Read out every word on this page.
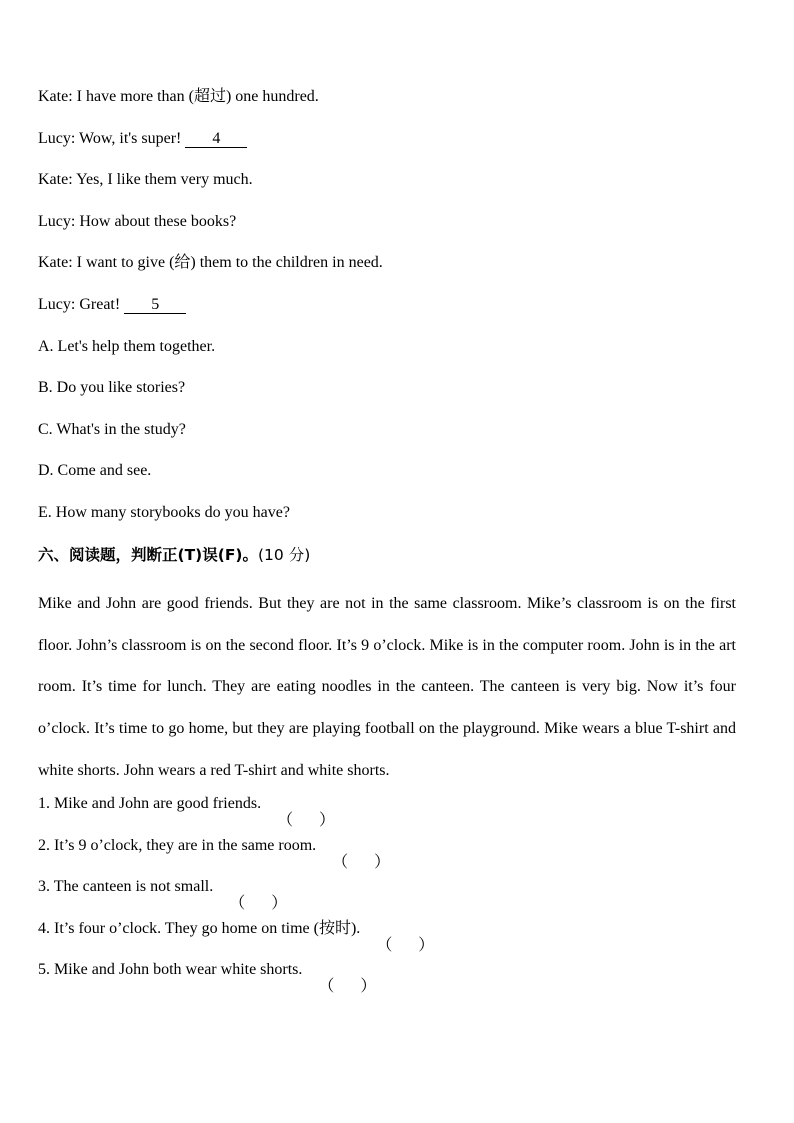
Kate: I have more than (超过) one hundred.
Lucy: Wow, it's super! 4
Kate: Yes, I like them very much.
Lucy: How about these books?
Kate: I want to give (给) them to the children in need.
Lucy: Great! 5
A. Let's help them together.
B. Do you like stories?
C. What's in the study?
D. Come and see.
E. How many storybooks do you have?
六、阅读题，判断正(T)误(F)。(10 分)
Mike and John are good friends. But they are not in the same classroom. Mike’s classroom is on the first floor. John’s classroom is on the second floor. It’s 9 o’clock. Mike is in the computer room. John is in the art room. It’s time for lunch. They are eating noodles in the canteen. The canteen is very big. Now it’s four o’clock. It’s time to go home, but they are playing football on the playground. Mike wears a blue T-shirt and white shorts. John wears a red T-shirt and white shorts.
1. Mike and John are good friends.
（ ）
2. It’s 9 o’clock, they are in the same room.
（ ）
3. The canteen is not small.
（ ）
4. It’s four o’clock. They go home on time (按时).
（ ）
5. Mike and John both wear white shorts.
（ ）
